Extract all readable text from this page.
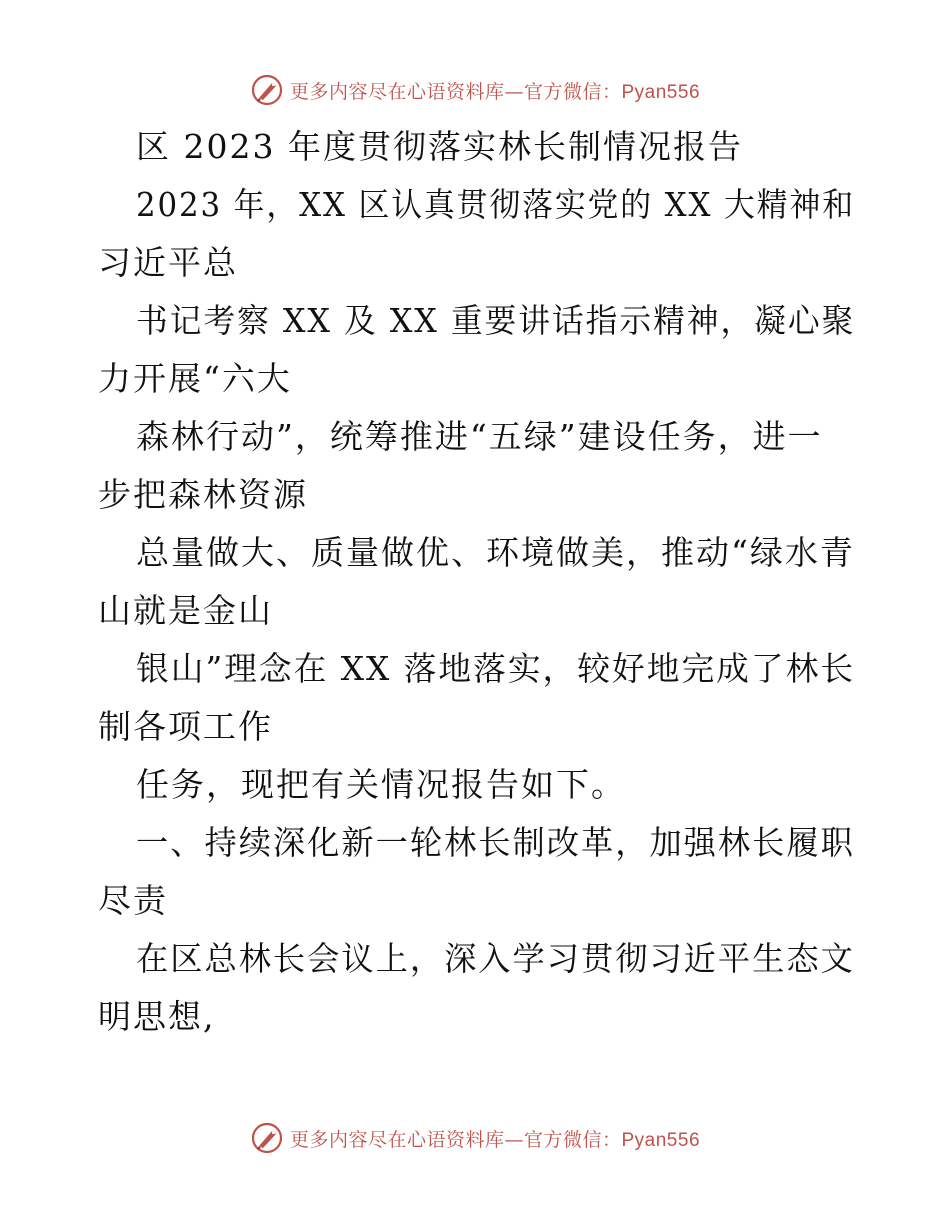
更多内容尽在心语资料库—官方微信：Pyan556
区 2023 年度贯彻落实林长制情况报告
2023 年，XX 区认真贯彻落实党的 XX 大精神和
习近平总
书记考察 XX 及 XX 重要讲话指示精神，凝心聚
力开展“六大
森林行动”，统筹推进“五绿”建设任务，进一
步把森林资源
总量做大、质量做优、环境做美，推动“绿水青
山就是金山
银山”理念在 XX 落地落实，较好地完成了林长
制各项工作
任务，现把有关情况报告如下。
一、持续深化新一轮林长制改革，加强林长履职
尽责
在区总林长会议上，深入学习贯彻习近平生态文
明思想,
更多内容尽在心语资料库—官方微信：Pyan556
